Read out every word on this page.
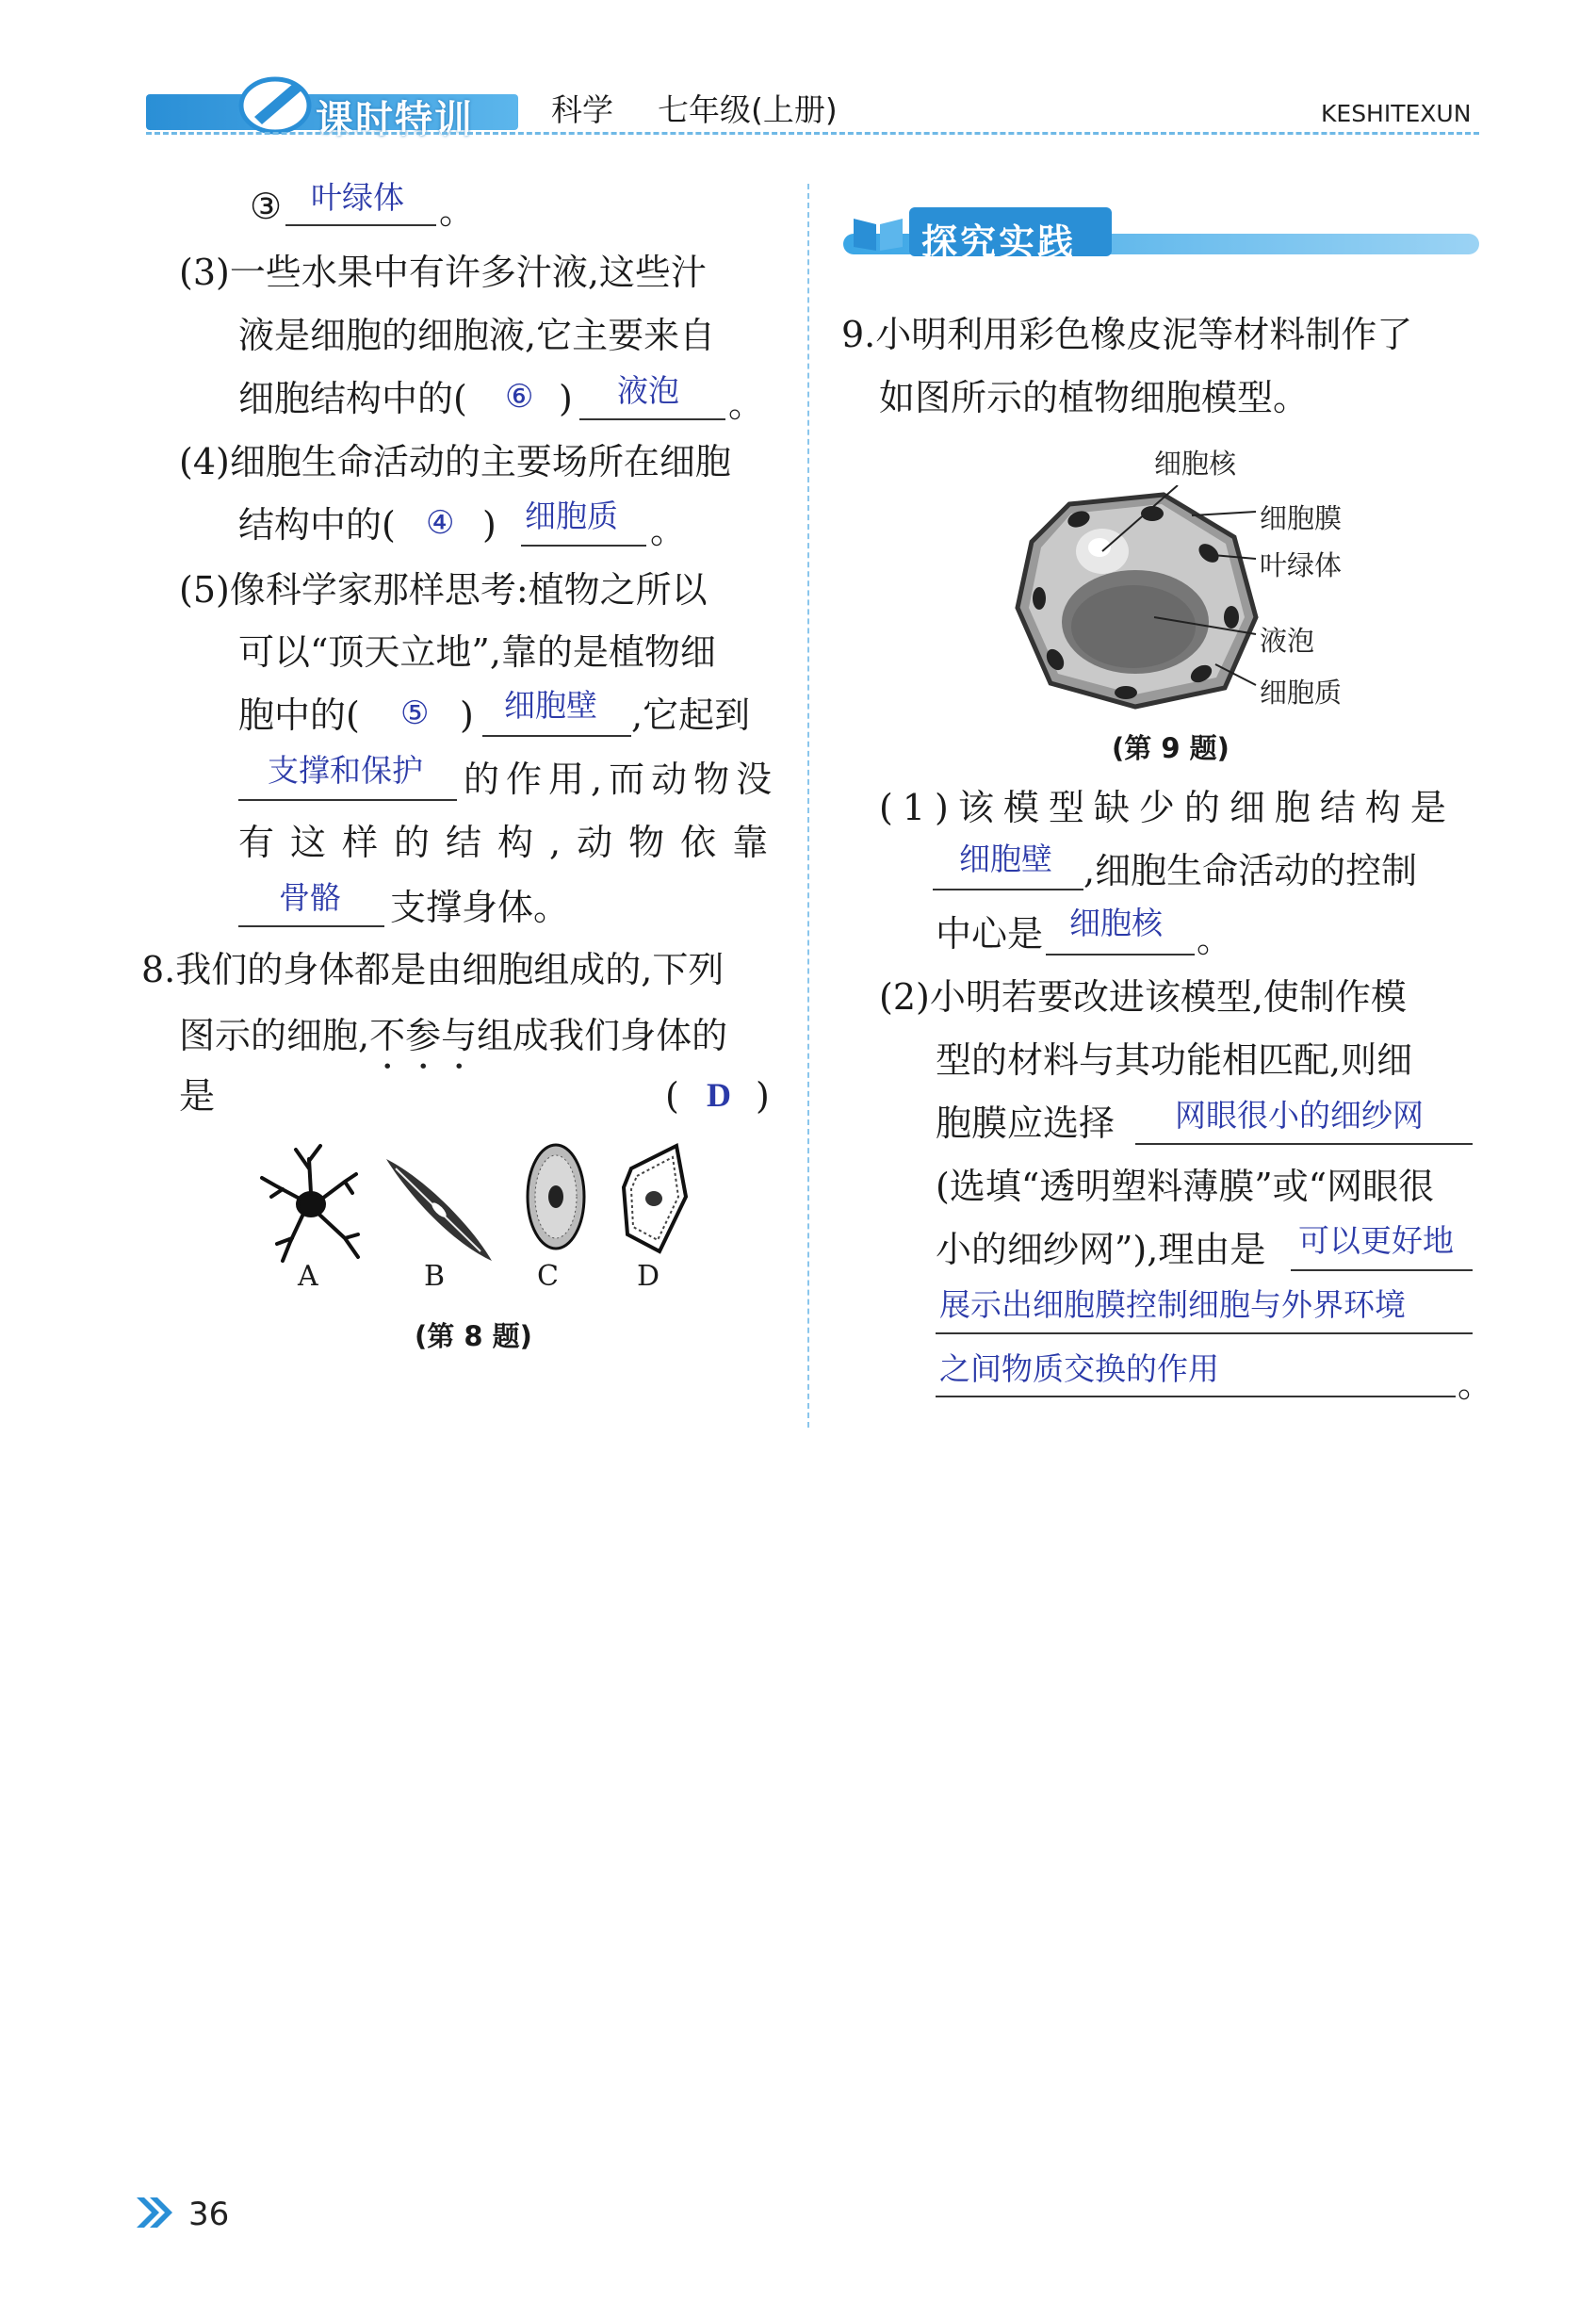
课时特训 科学 七年级(上册)	KESHITEXUN
③ 叶绿体 。
(3)一些水果中有许多汁液,这些汁
液是细胞的细胞液,它主要来自
细胞结构中的( ⑥ ) 液泡 。
(4)细胞生命活动的主要场所在细胞
结构中的( ④ ) 细胞质 。
(5)像科学家那样思考:植物之所以
可以“顶天立地”,靠的是植物细
胞中的( ⑤ ) 细胞壁 ,它起到
支撑和保护 的作用,而动物没
有这样的结构,动物依靠
骨骼 支撑身体。
8.我们的身体都是由细胞组成的,下列
图示的细胞,不参与组成我们身体的
是	( D )
A	B	C	D
(第 8 题)
探究实践
9.小明利用彩色橡皮泥等材料制作了
如图所示的植物细胞模型。
细胞核
细胞膜
叶绿体
液泡
细胞质
(第 9 题)
(1)该模型缺少的细胞结构是
细胞壁 ,细胞生命活动的控制
中心是 细胞核 。
(2)小明若要改进该模型,使制作模
型的材料与其功能相匹配,则细
胞膜应选择 网眼很小的细纱网
(选填“透明塑料薄膜”或“网眼很
小的细纱网”),理由是 可以更好地
展示出细胞膜控制细胞与外界环境
之间物质交换的作用	。
36
